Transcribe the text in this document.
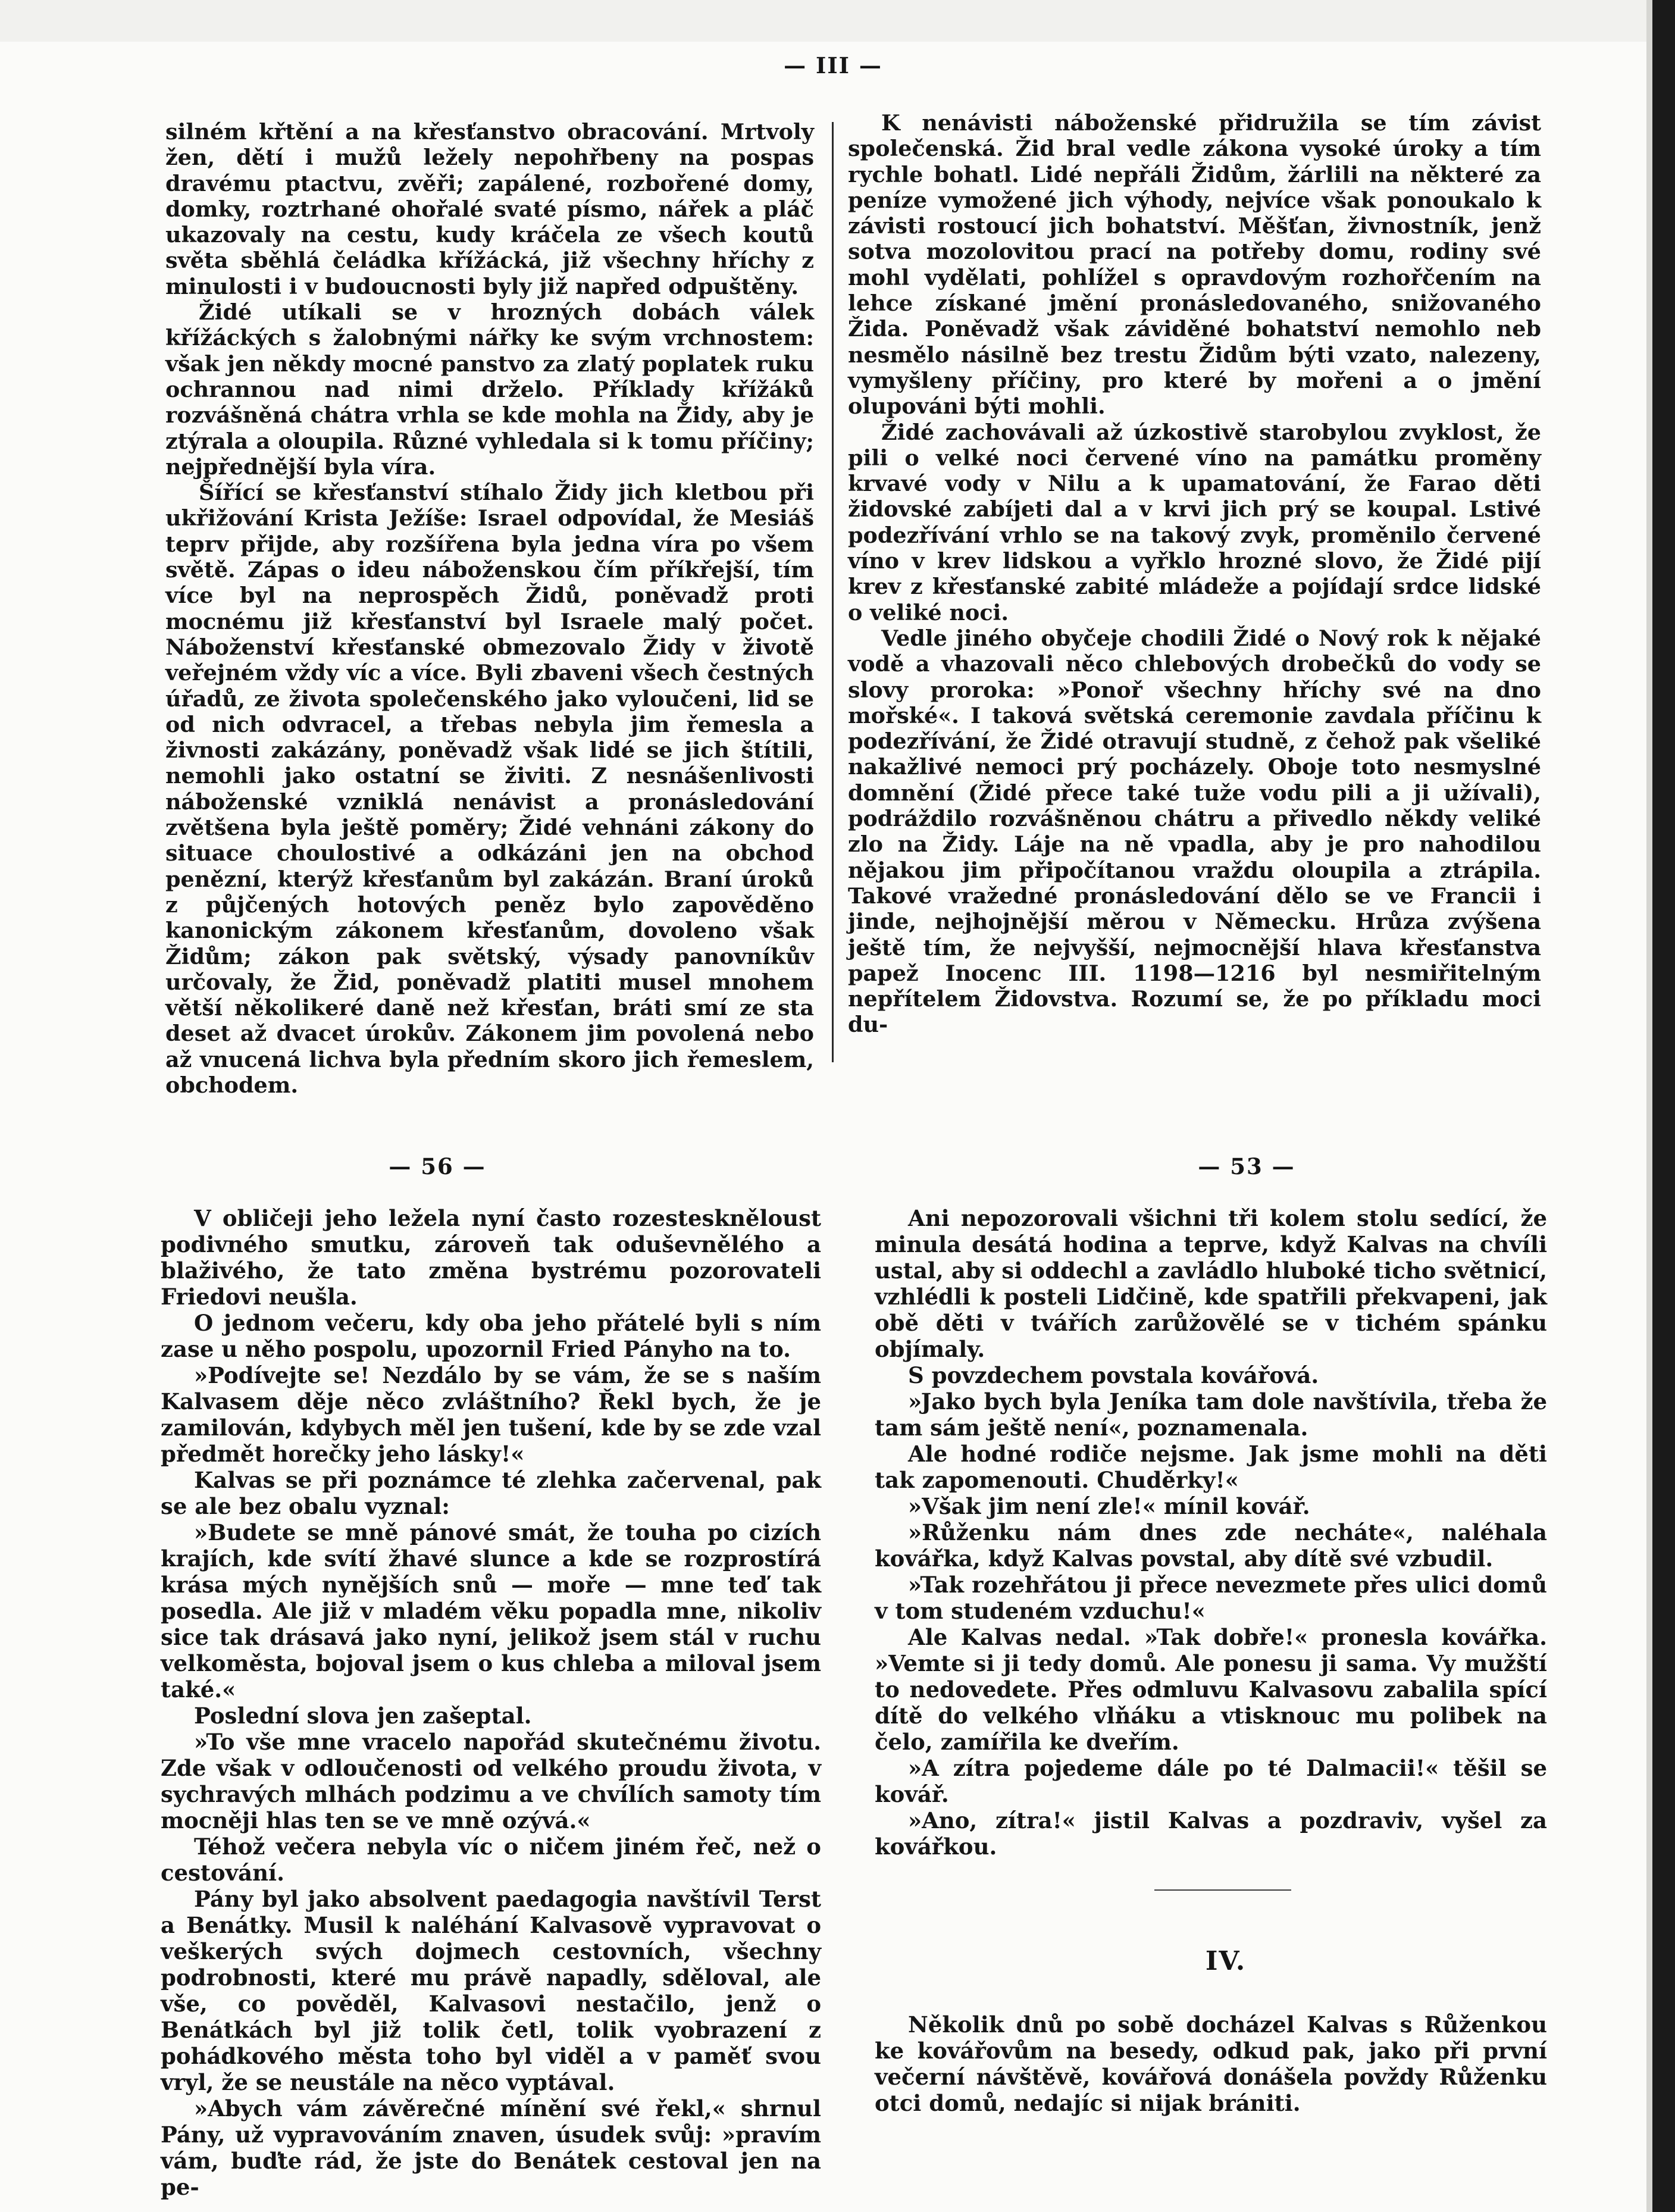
— III —

silném křtění a na křesťanstvo obracování. Mrtvoly žen, dětí i mužů ležely nepohřbeny na pospas dravému ptactvu, zvěři; zapálené, rozbořené domy, domky, roztrhané ohořalé svaté písmo, nářek a pláč ukazovaly na cestu, kudy kráčela ze všech koutů světa sběhlá čeládka křížácká, již všechny hříchy z minulosti i v budoucnosti byly již napřed odpuštěny.

Židé utíkali se v hrozných dobách válek křížáckých s žalobnými nářky ke svým vrchnostem: však jen někdy mocné panstvo za zlatý poplatek ruku ochrannou nad nimi drželo. Příklady křížáků rozvášněná chátra vrhla se kde mohla na Židy, aby je ztýrala a oloupila. Různé vyhledala si k tomu příčiny; nejpřednější byla víra.

Šířící se křesťanství stíhalo Židy jich kletbou při ukřižování Krista Ježíše: Israel odpovídal, že Mesiáš teprv přijde, aby rozšířena byla jedna víra po všem světě. Zápas o ideu náboženskou čím příkřejší, tím více byl na neprospěch Židů, poněvadž proti mocnému již křesťanství byl Israele malý počet. Náboženství křesťanské obmezovalo Židy v životě veřejném vždy víc a více. Byli zbaveni všech čestných úřadů, ze života společenského jako vyloučeni, lid se od nich odvracel, a třebas nebyla jim řemesla a živnosti zakázány, poněvadž však lidé se jich štítili, nemohli jako ostatní se živiti. Z nesnášenlivosti náboženské vzniklá nenávist a pronásledování zvětšena byla ještě poměry; Židé vehnáni zákony do situace choulostivé a odkázáni jen na obchod penězní, kterýž křesťanům byl zakázán. Braní úroků z půjčených hotových peněz bylo zapověděno kanonickým zákonem křesťanům, dovoleno však Židům; zákon pak světský, výsady panovníkův určovaly, že Žid, poněvadž platiti musel mnohem větší několikeré daně než křesťan, bráti smí ze sta deset až dvacet úrokův. Zákonem jim povolená nebo až vnucená lichva byla předním skoro jich řemeslem, obchodem.

K nenávisti náboženské přidružila se tím závist společenská. Žid bral vedle zákona vysoké úroky a tím rychle bohatl. Lidé nepřáli Židům, žárlili na některé za peníze vymožené jich výhody, nejvíce však ponoukalo k závisti rostoucí jich bohatství. Měšťan, živnostník, jenž sotva mozolovitou prací na potřeby domu, rodiny své mohl vydělati, pohlížel s opravdovým rozhořčením na lehce získané jmění pronásledovaného, snižovaného Žida. Poněvadž však záviděné bohatství nemohlo neb nesmělo násilně bez trestu Židům býti vzato, nalezeny, vymyšleny příčiny, pro které by mořeni a o jmění olupováni býti mohli.

Židé zachovávali až úzkostivě starobylou zvyklost, že pili o velké noci červené víno na památku proměny krvavé vody v Nilu a k upamatování, že Farao děti židovské zabíjeti dal a v krvi jich prý se koupal. Lstivé podezřívání vrhlo se na takový zvyk, proměnilo červené víno v krev lidskou a vyřklo hrozné slovo, že Židé pijí krev z křesťanské zabité mládeže a pojídají srdce lidské o veliké noci.

Vedle jiného obyčeje chodili Židé o Nový rok k nějaké vodě a vhazovali něco chlebových drobečků do vody se slovy proroka: »Ponoř všechny hříchy své na dno mořské«. I taková světská ceremonie zavdala příčinu k podezřívání, že Židé otravují studně, z čehož pak všeliké nakažlivé nemoci prý pocházely. Oboje toto nesmyslné domnění (Židé přece také tuže vodu pili a ji užívali), podráždilo rozvášněnou chátru a přivedlo někdy veliké zlo na Židy. Láje na ně vpadla, aby je pro nahodilou nějakou jim připočítanou vraždu oloupila a ztrápila. Takové vražedné pronásledování dělo se ve Francii i jinde, nejhojnější měrou v Německu. Hrůza zvýšena ještě tím, že nejvyšší, nejmocnější hlava křesťanstva papež Inocenc III. 1198—1216 byl nesmiřitelným nepřítelem Židovstva. Rozumí se, že po příkladu moci du-

— 56 —	— 53 —

V obličeji jeho ležela nyní často rozesteskněloust podivného smutku, zároveň tak oduševnělého a blaživého, že tato změna bystrému pozorovateli Friedovi neušla.

O jednom večeru, kdy oba jeho přátelé byli s ním zase u něho pospolu, upozornil Fried Pányho na to.

»Podívejte se! Nezdálo by se vám, že se s naším Kalvasem děje něco zvláštního? Řekl bych, že je zamilován, kdybych měl jen tušení, kde by se zde vzal předmět horečky jeho lásky!«

Kalvas se při poznámce té zlehka začervenal, pak se ale bez obalu vyznal:

»Budete se mně pánové smát, že touha po cizích krajích, kde svítí žhavé slunce a kde se rozprostírá krása mých nynějších snů — moře — mne teď tak posedla. Ale již v mladém věku popadla mne, nikoliv sice tak drásavá jako nyní, jelikož jsem stál v ruchu velkoměsta, bojoval jsem o kus chleba a miloval jsem také.«

Poslední slova jen zašeptal.

»To vše mne vracelo napořád skutečnému životu. Zde však v odloučenosti od velkého proudu života, v sychravých mlhách podzimu a ve chvílích samoty tím mocněji hlas ten se ve mně ozývá.«

Téhož večera nebyla víc o ničem jiném řeč, než o cestování.

Pány byl jako absolvent paedagogia navštívil Terst a Benátky. Musil k naléhání Kalvasově vypravovat o veškerých svých dojmech cestovních, všechny podrobnosti, které mu právě napadly, sděloval, ale vše, co pověděl, Kalvasovi nestačilo, jenž o Benátkách byl již tolik četl, tolik vyobrazení z pohádkového města toho byl viděl a v paměť svou vryl, že se neustále na něco vyptával.

»Abych vám závěrečné mínění své řekl,« shrnul Pány, už vypravováním znaven, úsudek svůj: »pravím vám, buďte rád, že jste do Benátek cestoval jen na pe-

Ani nepozorovali všichni tři kolem stolu sedící, že minula desátá hodina a teprve, když Kalvas na chvíli ustal, aby si oddechl a zavládlo hluboké ticho světnicí, vzhlédli k posteli Lidčině, kde spatřili překvapeni, jak obě děti v tvářích zarůžovělé se v tichém spánku objímaly.

S povzdechem povstala kovářová.

»Jako bych byla Jeníka tam dole navštívila, třeba že tam sám ještě není«, poznamenala.

Ale hodné rodiče nejsme. Jak jsme mohli na děti tak zapomenouti. Chuděrky!«

»Však jim není zle!« mínil kovář.

»Růženku nám dnes zde necháte«, naléhala kovářka, když Kalvas povstal, aby dítě své vzbudil.

»Tak rozehřátou ji přece nevezmete přes ulici domů v tom studeném vzduchu!«

Ale Kalvas nedal. »Tak dobře!« pronesla kovářka. »Vemte si ji tedy domů. Ale ponesu ji sama. Vy mužští to nedovedete. Přes odmluvu Kalvasovu zabalila spící dítě do velkého vlňáku a vtisknouc mu polibek na čelo, zamířila ke dveřím.

»A zítra pojedeme dále po té Dalmacii!« těšil se kovář.

»Ano, zítra!« jistil Kalvas a pozdraviv, vyšel za kovářkou.

IV.

Několik dnů po sobě docházel Kalvas s Růženkou ke kovářovům na besedy, odkud pak, jako při první večerní návštěvě, kovářová donášela povždy Růženku otci domů, nedajíc si nijak brániti.
